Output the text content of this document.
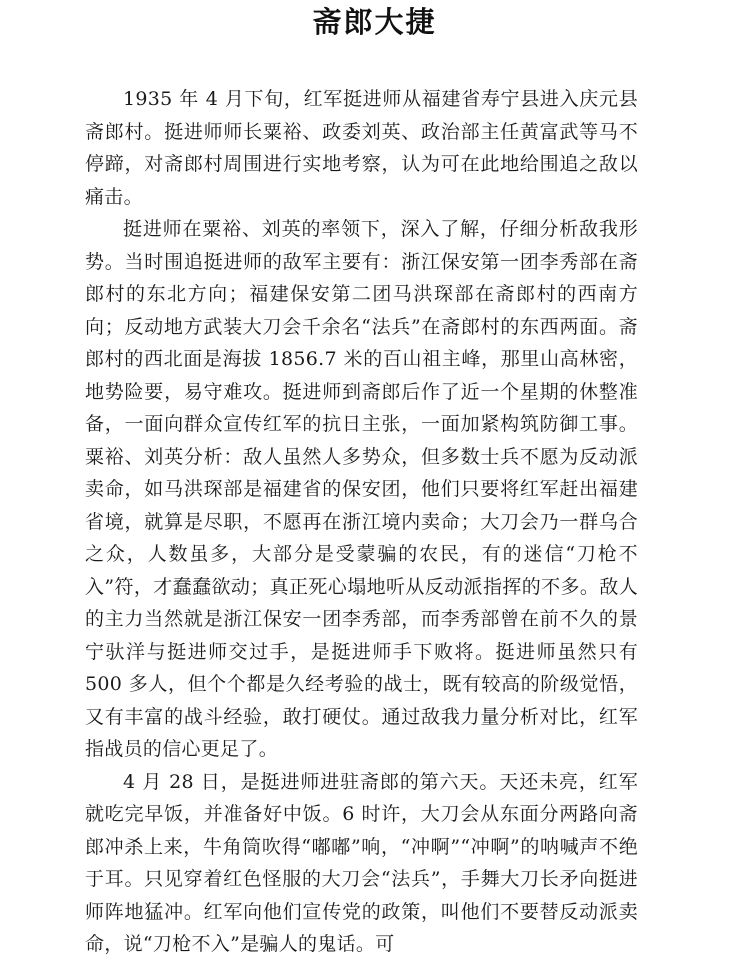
斋郎大捷

1935 年 4 月下旬，红军挺进师从福建省寿宁县进入庆元县斋郎村。挺进师师长粟裕、政委刘英、政治部主任黄富武等马不停蹄，对斋郎村周围进行实地考察，认为可在此地给围追之敌以痛击。

挺进师在粟裕、刘英的率领下，深入了解，仔细分析敌我形势。当时围追挺进师的敌军主要有：浙江保安第一团李秀部在斋郎村的东北方向；福建保安第二团马洪琛部在斋郎村的西南方向；反动地方武装大刀会千余名“法兵”在斋郎村的东西两面。斋郎村的西北面是海拔 1856.7 米的百山祖主峰，那里山高林密，地势险要，易守难攻。挺进师到斋郎后作了近一个星期的休整准备，一面向群众宣传红军的抗日主张，一面加紧构筑防御工事。粟裕、刘英分析：敌人虽然人多势众，但多数士兵不愿为反动派卖命，如马洪琛部是福建省的保安团，他们只要将红军赶出福建省境，就算是尽职，不愿再在浙江境内卖命；大刀会乃一群乌合之众，人数虽多，大部分是受蒙骗的农民，有的迷信“刀枪不入”符，才蠢蠢欲动；真正死心塌地听从反动派指挥的不多。敌人的主力当然就是浙江保安一团李秀部，而李秀部曾在前不久的景宁驮洋与挺进师交过手，是挺进师手下败将。挺进师虽然只有 500 多人，但个个都是久经考验的战士，既有较高的阶级觉悟，又有丰富的战斗经验，敢打硬仗。通过敌我力量分析对比，红军指战员的信心更足了。

4 月 28 日，是挺进师进驻斋郎的第六天。天还未亮，红军就吃完早饭，并准备好中饭。6 时许，大刀会从东面分两路向斋郎冲杀上来，牛角筒吹得“嘟嘟”响，“冲啊”“冲啊”的呐喊声不绝于耳。只见穿着红色怪服的大刀会“法兵”，手舞大刀长矛向挺进师阵地猛冲。红军向他们宣传党的政策，叫他们不要替反动派卖命，说“刀枪不入”是骗人的鬼话。可
